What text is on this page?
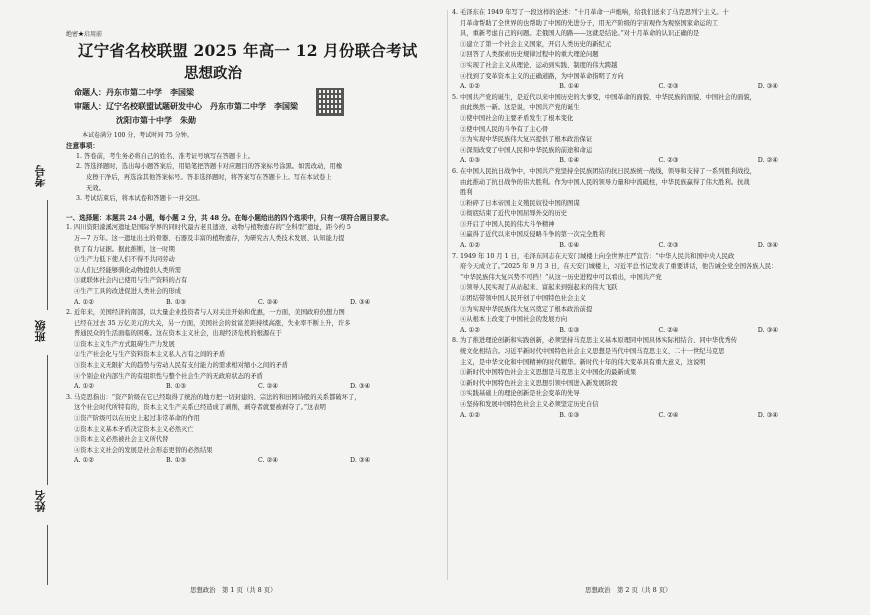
考号
班级
姓名

绝密★启用前

辽宁省名校联盟 2025 年高一 12 月份联合考试

思想政治

命题人：丹东市第二中学　李国梁

审题人：辽宁名校联盟试题研发中心　丹东市第二中学　李国梁

沈阳市第十中学　朱勋

本试卷满分 100 分，考试时间 75 分钟。

注意事项：

1. 答卷前，考生务必将自己的姓名、准考证号填写在答题卡上。

2. 答选择题时，选出每小题答案后，用铅笔把答题卡对应题目的答案标号涂黑。如需改动，用橡

皮擦干净后，再选涂其他答案标号。答非选择题时，将答案写在答题卡上。写在本试卷上

无效。

3. 考试结束后，将本试卷和答题卡一并交回。

一、选择题：本题共 24 小题，每小题 2 分，共 48 分。在每小题给出的四个选项中，只有一项符合题目要求。

1. 四川资阳濛溪河遗址是国际学界的同时代最古老且遗迹、动物与植物遗存的“全科型”遗址，距今约 5

万—7 万年。这一遗址出土的骨器、石器及丰富的植物遗存，为研究古人类技术发展、认知能力提

供了有力证据。据此推断，这一时期

①生产力低下使人们不得不共同劳动

②人们已经能够驯化动物提供人类所需

③就联体社会内已使用与生产资料的占有

④生产工具的改进促进人类社会的形成

A. ①②	B. ①③	C. ②④	D. ③④

2. 近年来，美国经济的南部，以大量企业投资者与人对关注开始和优惠，一方面，美国政府仍想力图

已经在过去 35 万亿美元的大关，另一方面，美国社会的贫富差距持续高涨，失业率不断上升，许多

普通民众的生活面临的困难。这在资本主义社会，出现经济危机的根源在于

①资本主义生产方式阻碍生产力发展

②生产社会化与生产资料资本主义私人占有之间的矛盾

③资本主义无限扩大的趋势与劳动人民有支付能力的需求相对缩小之间的矛盾

④个别企业内部生产的有组织性与整个社会生产的无政府状态的矛盾

A. ①②	B. ①③	C. ②④	D. ③④

3. 马克思指出：“资产阶级在它已经取得了统治的地方把一切封建的、宗法的和田园诗般的关系都破坏了，

这个社会时代所特有的，资本主义生产关系已经造成了剥削，剥夺者就要被剥夺了。”这表明

①资产阶级可以在历史上起过非常革命的作用

②资本主义基本矛盾决定资本主义必然灭亡

③资本主义必然被社会主义所代替

④资本主义社会的发展是社会形态更替的必然结果

A. ①②	B. ①③	C. ②④	D. ③④

4. 毛泽东在 1949 年写了一段这样的论述：“十月革命一声炮响，给我们送来了马克思列宁主义。十

月革命帮助了全世界的也帮助了中国的先进分子，用无产阶级的宇宙观作为观察国家命运的工

具，重新考虑自己的问题。走俄国人的路——这就是结论。”对十月革命的认识正确的是

①建立了第一个社会主义国家，开启人类历史的新纪元

②回答了人类探索历史规律过程中的重大理论问题

③实现了社会主义从理论、运动到实践、制度的伟大跨越

④找到了变革资本主义的正确道路，为中国革命指明了方向

A. ①②	B. ①④	C. ②③	D. ③④

5. 中国共产党的诞生，是近代以来中国历史的大事变，中国革命的面貌、中华民族的面貌、中国社会的面貌，

由此焕然一新。这是说，中国共产党的诞生

①使中国社会的主要矛盾发生了根本变化

②使中国人民的斗争有了主心骨

③为实现中华民族伟大复兴提供了根本政治保证

④深刻改变了中国人民和中华民族的前途和命运

A. ①③	B. ①④	C. ②③	D. ②④

6. 在中国人民抗日战争中，中国共产党坚持全民族团结的抗日民族统一战线，领导和支持了一系列胜利战役，

由此推动了抗日战争的伟大胜利。作为中国人民的领导力量和中流砥柱，中华民族赢得了伟大胜利。抗战

胜利

①粉碎了日本帝国主义殖民奴役中国的图谋

②彻底结束了近代中国屈辱外交的历史

③开启了中国人民的伟大斗争精神

④赢得了近代以来中国反侵略斗争的第一次完全胜利

A. ①②	B. ①④	C. ②③	D. ③④

7. 1949 年 10 月 1 日，毛泽东同志在天安门城楼上向全世界庄严宣告：“中华人民共和国中央人民政

府今天成立了。”2025 年 9 月 3 日，在天安门城楼上，习近平总书记发表了重要讲话，他告诫全党全国各族人民：

“中华民族伟大复兴势不可挡！”从这一历史进程中可以看出，中国共产党

①领导人民实现了从站起来、富起来到强起来的伟大飞跃

②团结带领中国人民开创了中国特色社会主义

③为实现中华民族伟大复兴奠定了根本政治前提

④从根本上改变了中国社会的发展方向

A. ①②	B. ①③	C. ②④	D. ③④

8. 为了推进理论创新和实践创新，必须坚持马克思主义基本原理同中国具体实际相结合、同中华优秀传

统文化相结合。习近平新时代中国特色社会主义思想是当代中国马克思主义、二十一世纪马克思

主义，是中华文化和中国精神的时代精华。新时代十年的伟大变革具有重大意义，这说明

①新时代中国特色社会主义思想是马克思主义中国化的最新成果

②新时代中国特色社会主义思想引领中国进入新发展阶段

③实践基础上的理论创新是社会变革的先导

④坚持和发展中国特色社会主义必须坚定历史自信

A. ①②	B. ①③	C. ②④	D. ③④
思想政治　第 1 页（共 8 页）	思想政治　第 2 页（共 8 页）
